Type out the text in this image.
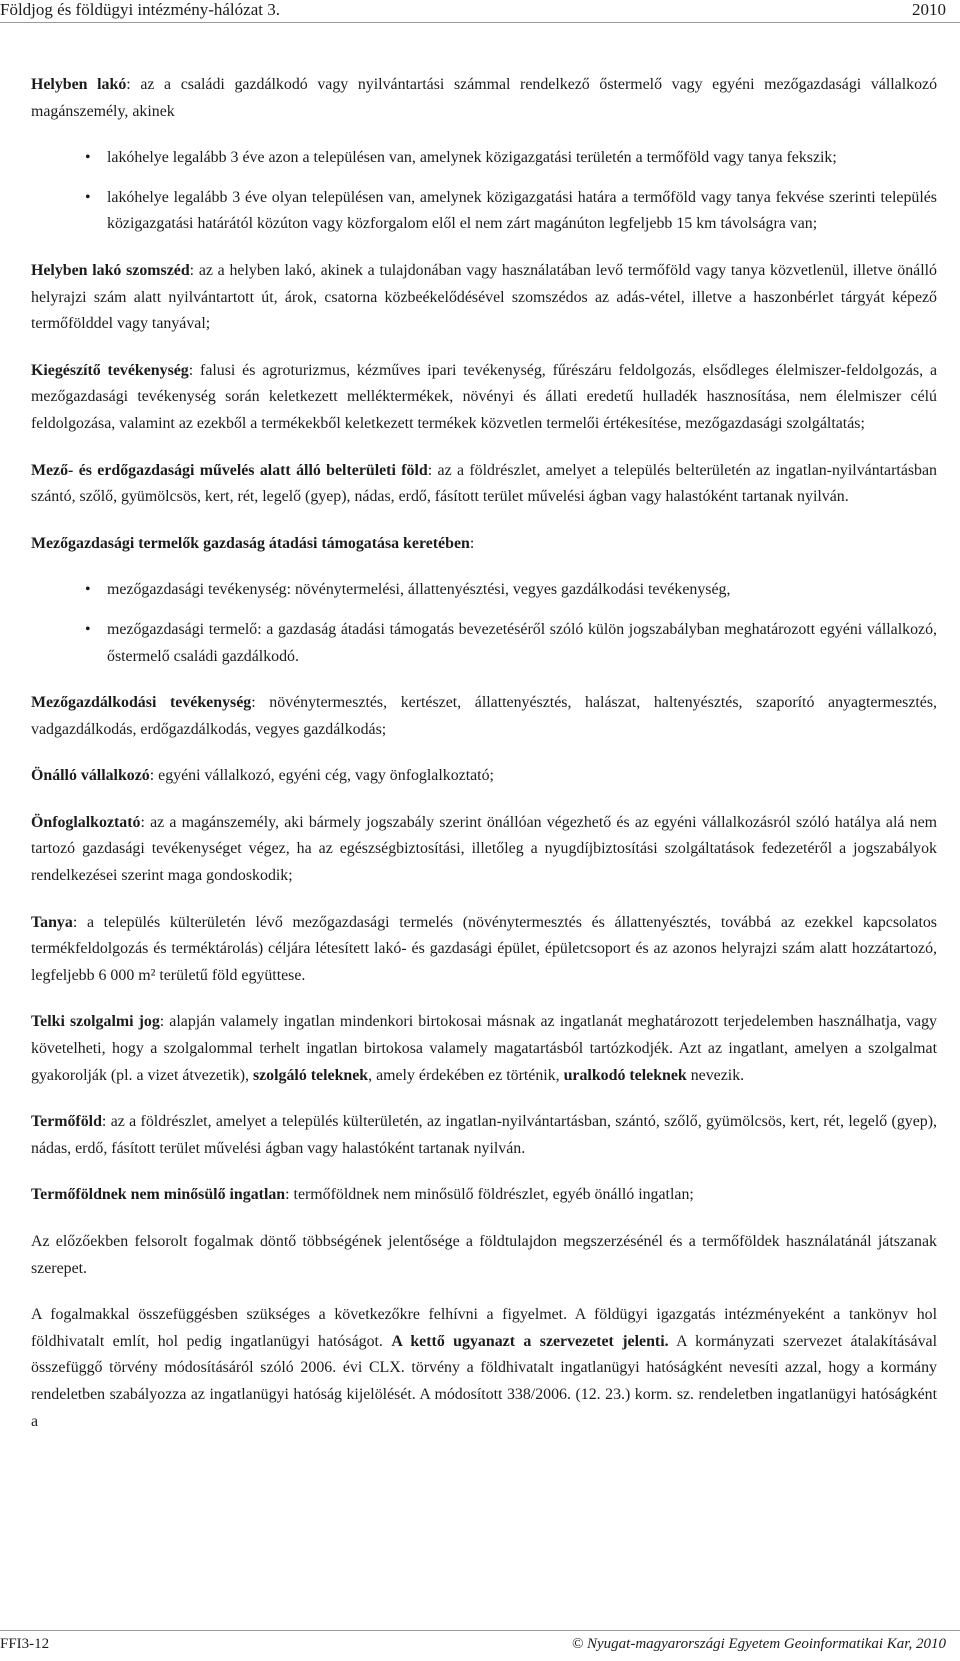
Földjog és földügyi intézmény-hálózat 3.	2010

Helyben lakó: az a családi gazdálkodó vagy nyilvántartási számmal rendelkező őstermelő vagy egyéni mezőgazdasági vállalkozó magánszemély, akinek

• lakóhelye legalább 3 éve azon a településen van, amelynek közigazgatási területén a termőföld vagy tanya fekszik;
• lakóhelye legalább 3 éve olyan településen van, amelynek közigazgatási határa a termőföld vagy tanya fekvése szerinti település közigazgatási határától közúton vagy közforgalom elől el nem zárt magánúton legfeljebb 15 km távolságra van;

Helyben lakó szomszéd: az a helyben lakó, akinek a tulajdonában vagy használatában levő termőföld vagy tanya közvetlenül, illetve önálló helyrajzi szám alatt nyilvántartott út, árok, csatorna közbeékelődésével szomszédos az adás-vétel, illetve a haszonbérlet tárgyát képező termőfölddel vagy tanyával;

Kiegészítő tevékenység: falusi és agroturizmus, kézműves ipari tevékenység, fűrészáru feldolgozás, elsődleges élelmiszer-feldolgozás, a mezőgazdasági tevékenység során keletkezett melléktermékek, növényi és állati eredetű hulladék hasznosítása, nem élelmiszer célú feldolgozása, valamint az ezekből a termékekből keletkezett termékek közvetlen termelői értékesítése, mezőgazdasági szolgáltatás;

Mező- és erdőgazdasági művelés alatt álló belterületi föld: az a földrészlet, amelyet a település belterületén az ingatlan-nyilvántartásban szántó, szőlő, gyümölcsös, kert, rét, legelő (gyep), nádas, erdő, fásított terület művelési ágban vagy halastóként tartanak nyilván.

Mezőgazdasági termelők gazdaság átadási támogatása keretében:

• mezőgazdasági tevékenység: növénytermelési, állattenyésztési, vegyes gazdálkodási tevékenység,
• mezőgazdasági termelő: a gazdaság átadási támogatás bevezetéséről szóló külön jogszabályban meghatározott egyéni vállalkozó, őstermelő családi gazdálkodó.

Mezőgazdálkodási tevékenység: növénytermesztés, kertészet, állattenyésztés, halászat, haltenyésztés, szaporító anyagtermesztés, vadgazdálkodás, erdőgazdálkodás, vegyes gazdálkodás;

Önálló vállalkozó: egyéni vállalkozó, egyéni cég, vagy önfoglalkoztató;

Önfoglalkoztató: az a magánszemély, aki bármely jogszabály szerint önállóan végezhető és az egyéni vállalkozásról szóló hatálya alá nem tartozó gazdasági tevékenységet végez, ha az egészségbiztosítási, illetőleg a nyugdíjbiztosítási szolgáltatások fedezetéről a jogszabályok rendelkezései szerint maga gondoskodik;

Tanya: a település külterületén lévő mezőgazdasági termelés (növénytermesztés és állattenyésztés, továbbá az ezekkel kapcsolatos termékfeldolgozás és terméktárolás) céljára létesített lakó- és gazdasági épület, épületcsoport és az azonos helyrajzi szám alatt hozzátartozó, legfeljebb 6 000 m² területű föld együttese.

Telki szolgalmi jog: alapján valamely ingatlan mindenkori birtokosai másnak az ingatlanát meghatározott terjedelemben használhatja, vagy követelheti, hogy a szolgalommal terhelt ingatlan birtokosa valamely magatartásból tartózkodjék. Azt az ingatlant, amelyen a szolgalmat gyakorolják (pl. a vizet átvezetik), szolgáló teleknek, amely érdekében ez történik, uralkodó teleknek nevezik.

Termőföld: az a földrészlet, amelyet a település külterületén, az ingatlan-nyilvántartásban, szántó, szőlő, gyümölcsös, kert, rét, legelő (gyep), nádas, erdő, fásított terület művelési ágban vagy halastóként tartanak nyilván.

Termőföldnek nem minősülő ingatlan: termőföldnek nem minősülő földrészlet, egyéb önálló ingatlan;

Az előzőekben felsorolt fogalmak döntő többségének jelentősége a földtulajdon megszerzésénél és a termőföldek használatánál játszanak szerepet.

A fogalmakkal összefüggésben szükséges a következőkre felhívni a figyelmet. A földügyi igazgatás intézményeként a tankönyv hol földhivatalt említ, hol pedig ingatlanügyi hatóságot. A kettő ugyanazt a szervezetet jelenti. A kormányzati szervezet átalakításával összefüggő törvény módosításáról szóló 2006. évi CLX. törvény a földhivatalt ingatlanügyi hatóságként nevesíti azzal, hogy a kormány rendeletben szabályozza az ingatlanügyi hatóság kijelölését. A módosított 338/2006. (12. 23.) korm. sz. rendeletben ingatlanügyi hatóságként a

FFI3-12	© Nyugat-magyarországi Egyetem Geoinformatikai Kar, 2010
